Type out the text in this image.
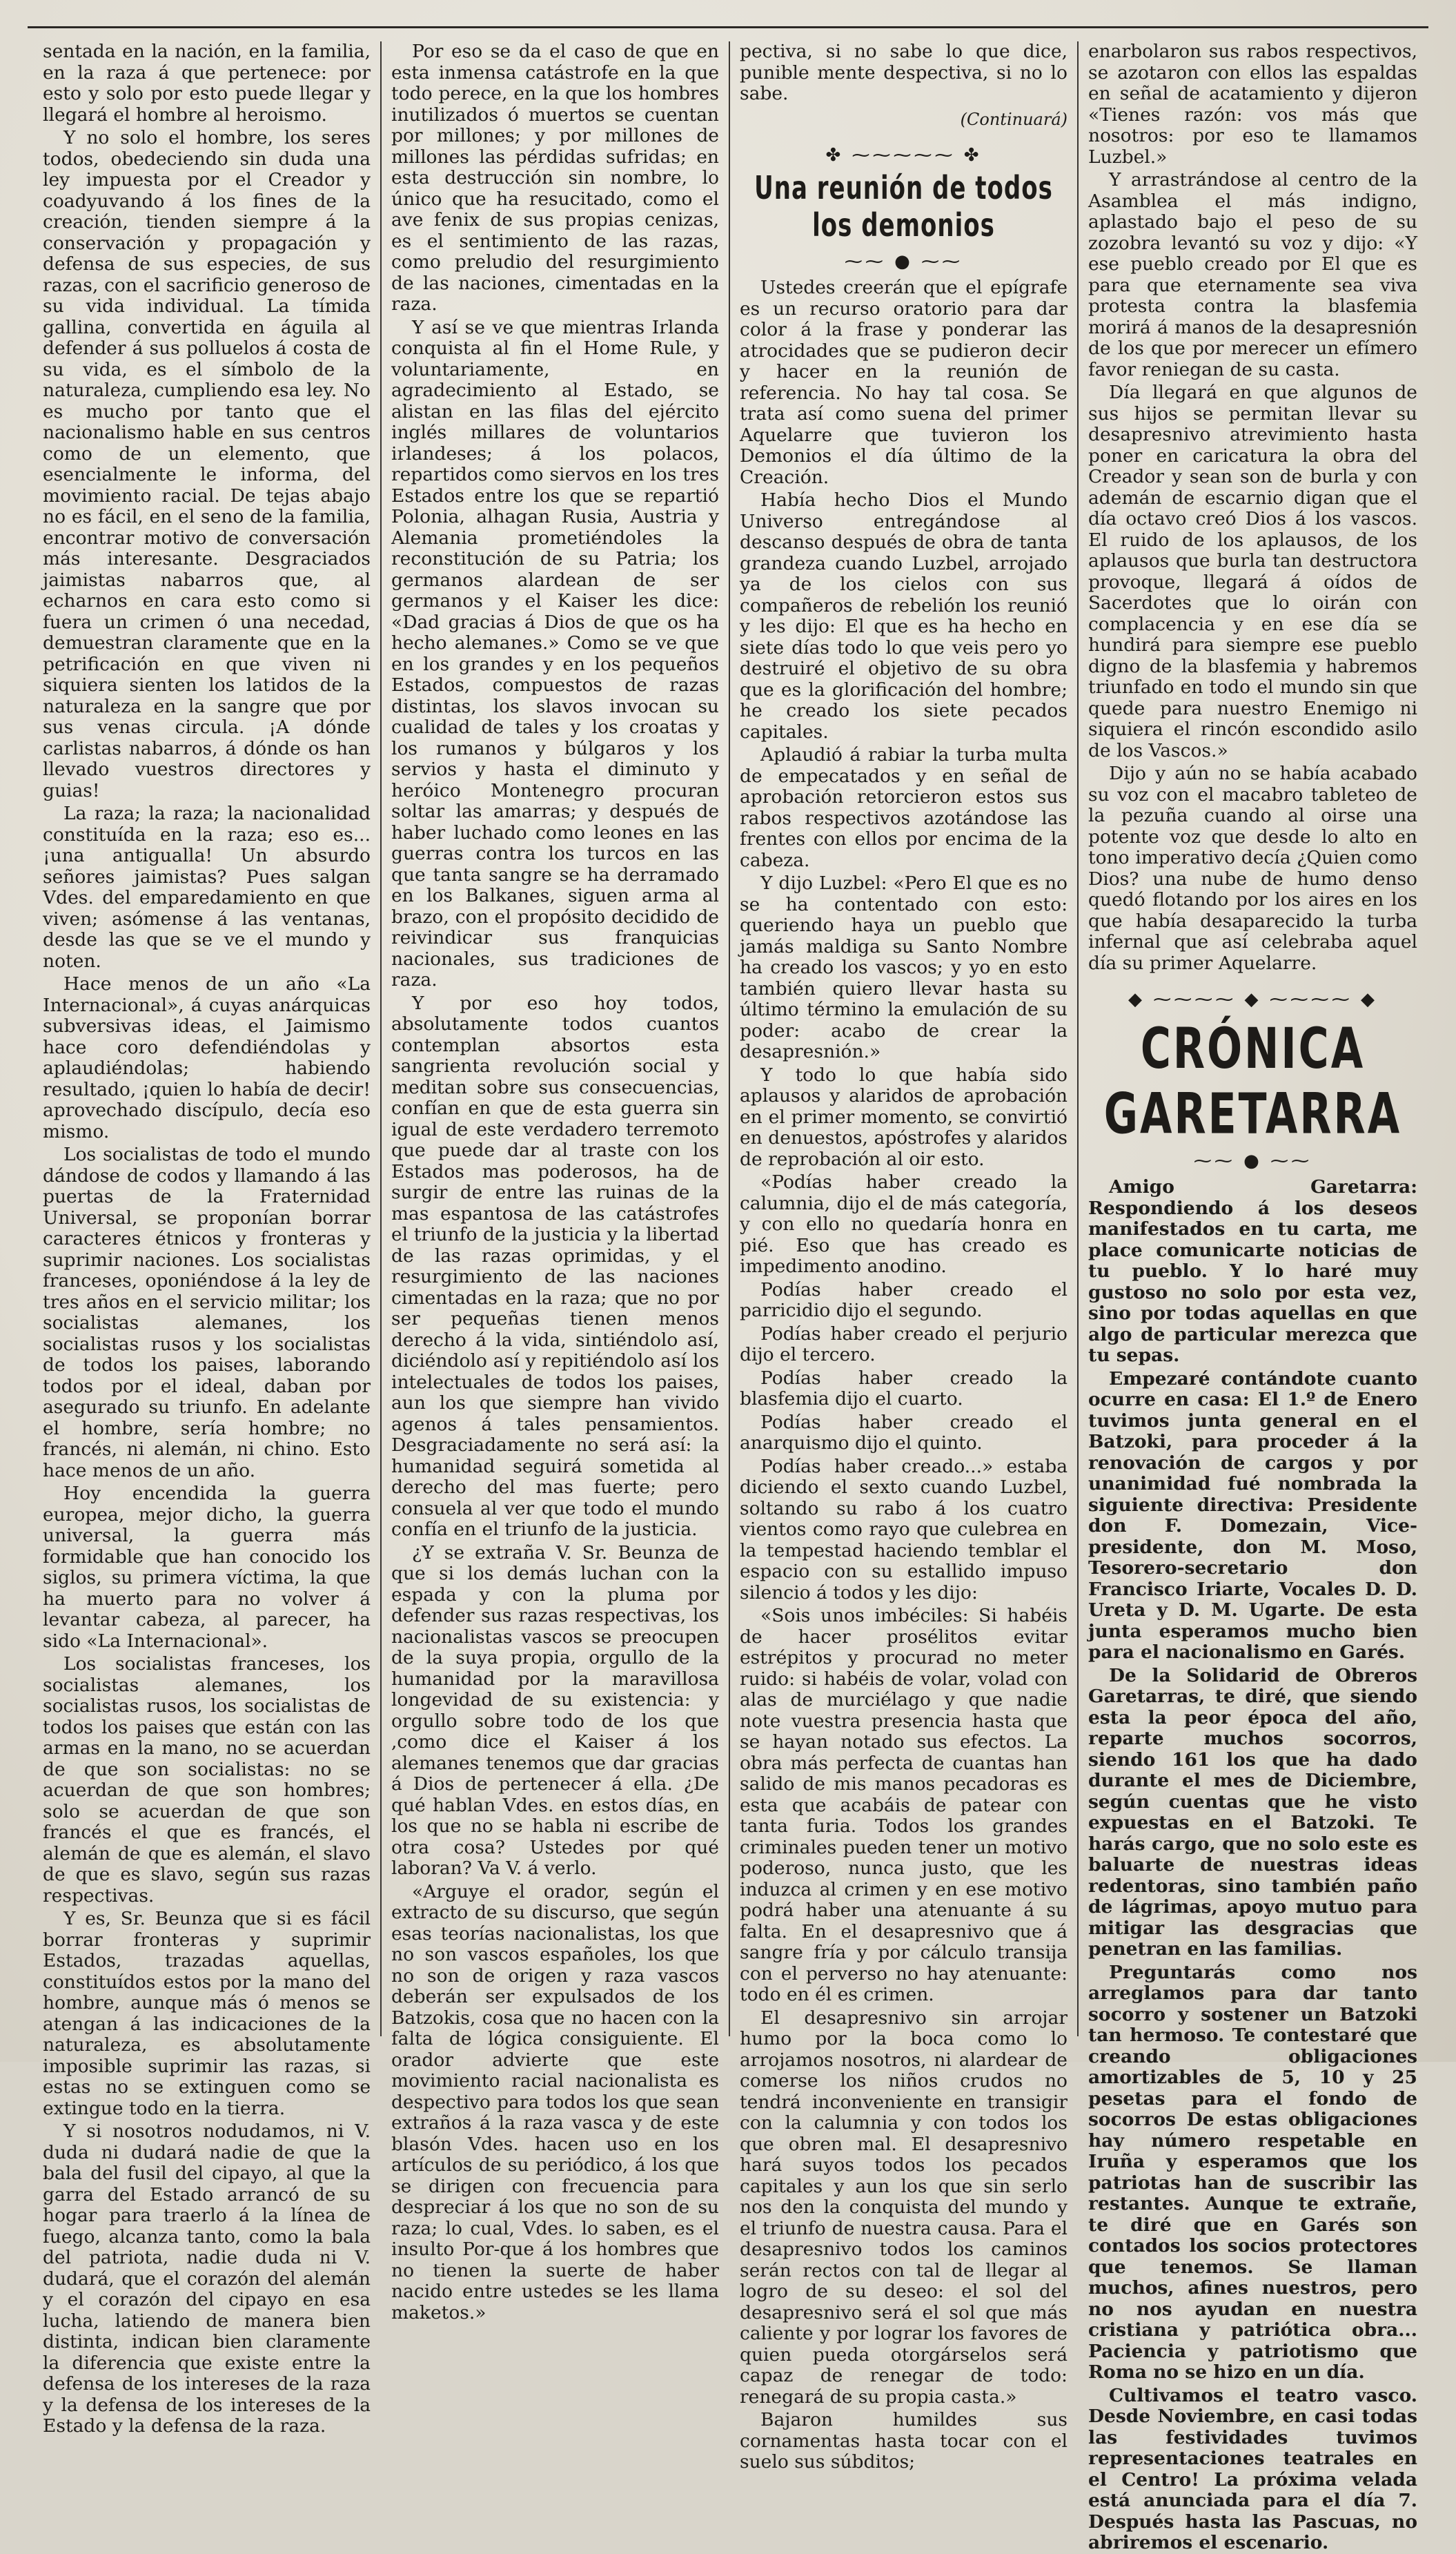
sentada en la nación, en la familia, en la raza á que pertenece: por esto y solo por esto puede llegar y llegará el hombre al heroismo.

Y no solo el hombre, los seres todos, obedeciendo sin duda una ley impuesta por el Creador y coadyuvando á los fines de la creación, tienden siempre á la conservación y propagación y defensa de sus especies, de sus razas, con el sacrificio generoso de su vida individual. La tímida gallina, convertida en águila al defender á sus polluelos á costa de su vida, es el símbolo de la naturaleza, cumpliendo esa ley. No es mucho por tanto que el nacionalismo hable en sus centros como de un elemento, que esencialmente le informa, del movimiento racial. De tejas abajo no es fácil, en el seno de la familia, encontrar motivo de conversación más interesante. Desgraciados jaimistas nabarros que, al echarnos en cara esto como si fuera un crimen ó una necedad, demuestran claramente que en la petrificación en que viven ni siquiera sienten los latidos de la naturaleza en la sangre que por sus venas circula. ¡A dónde carlistas nabarros, á dónde os han llevado vuestros directores y guias!

La raza; la raza; la nacionalidad constituída en la raza; eso es... ¡una antigualla! Un absurdo señores jaimistas? Pues salgan Vdes. del emparedamiento en que viven; asómense á las ventanas, desde las que se ve el mundo y noten.

Hace menos de un año «La Internacional», á cuyas anárquicas subversivas ideas, el Jaimismo hace coro defendiéndolas y aplaudiéndolas; habiendo resultado, ¡quien lo había de decir! aprovechado discípulo, decía eso mismo.

Los socialistas de todo el mundo dándose de codos y llamando á las puertas de la Fraternidad Universal, se proponían borrar caracteres étnicos y fronteras y suprimir naciones. Los socialistas franceses, oponiéndose á la ley de tres años en el servicio militar; los socialistas alemanes, los socialistas rusos y los socialistas de todos los paises, laborando todos por el ideal, daban por asegurado su triunfo. En adelante el hombre, sería hombre; no francés, ni alemán, ni chino. Esto hace menos de un año.

Hoy encendida la guerra europea, mejor dicho, la guerra universal, la guerra más formidable que han conocido los siglos, su primera víctima, la que ha muerto para no volver á levantar cabeza, al parecer, ha sido «La Internacional».

Los socialistas franceses, los socialistas alemanes, los socialistas rusos, los socialistas de todos los paises que están con las armas en la mano, no se acuerdan de que son socialistas: no se acuerdan de que son hombres; solo se acuerdan de que son francés el que es francés, el alemán de que es alemán, el slavo de que es slavo, según sus razas respectivas.

Y es, Sr. Beunza que si es fácil borrar fronteras y suprimir Estados, trazadas aquellas, constituídos estos por la mano del hombre, aunque más ó menos se atengan á las indicaciones de la naturaleza, es absolutamente imposible suprimir las razas, si estas no se extinguen como se extingue todo en la tierra.

Y si nosotros nodudamos, ni V. duda ni dudará nadie de que la bala del fusil del cipayo, al que la garra del Estado arrancó de su hogar para traerlo á la línea de fuego, alcanza tanto, como la bala del patriota, nadie duda ni V. dudará, que el corazón del alemán y el corazón del cipayo en esa lucha, latiendo de manera bien distinta, indican bien claramente la diferencia que existe entre la defensa de los intereses de la raza y la defensa de los intereses de la Estado y la defensa de la raza.

Por eso se da el caso de que en esta inmensa catástrofe en la que todo perece, en la que los hombres inutilizados ó muertos se cuentan por millones; y por millones de millones las pérdidas sufridas; en esta destrucción sin nombre, lo único que ha resucitado, como el ave fenix de sus propias cenizas, es el sentimiento de las razas, como preludio del resurgimiento de las naciones, cimentadas en la raza.

Y así se ve que mientras Irlanda conquista al fin el Home Rule, y voluntariamente, en agradecimiento al Estado, se alistan en las filas del ejército inglés millares de voluntarios irlandeses; á los polacos, repartidos como siervos en los tres Estados entre los que se repartió Polonia, alhagan Rusia, Austria y Alemania prometiéndoles la reconstitución de su Patria; los germanos alardean de ser germanos y el Kaiser les dice: «Dad gracias á Dios de que os ha hecho alemanes.» Como se ve que en los grandes y en los pequeños Estados, compuestos de razas distintas, los slavos invocan su cualidad de tales y los croatas y los rumanos y búlgaros y los servios y hasta el diminuto y heróico Montenegro procuran soltar las amarras; y después de haber luchado como leones en las guerras contra los turcos en las que tanta sangre se ha derramado en los Balkanes, siguen arma al brazo, con el propósito decidido de reivindicar sus franquicias nacionales, sus tradiciones de raza.

Y por eso hoy todos, absolutamente todos cuantos contemplan absortos esta sangrienta revolución social y meditan sobre sus consecuencias, confían en que de esta guerra sin igual de este verdadero terremoto que puede dar al traste con los Estados mas poderosos, ha de surgir de entre las ruinas de la mas espantosa de las catástrofes el triunfo de la justicia y la libertad de las razas oprimidas, y el resurgimiento de las naciones cimentadas en la raza; que no por ser pequeñas tienen menos derecho á la vida, sintiéndolo así, diciéndolo así y repitiéndolo así los intelectuales de todos los paises, aun los que siempre han vivido agenos á tales pensamientos. Desgraciadamente no será así: la humanidad seguirá sometida al derecho del mas fuerte; pero consuela al ver que todo el mundo confía en el triunfo de la justicia.

¿Y se extraña V. Sr. Beunza de que si los demás luchan con la espada y con la pluma por defender sus razas respectivas, los nacionalistas vascos se preocupen de la suya propia, orgullo de la humanidad por la maravillosa longevidad de su existencia: y orgullo sobre todo de los que ,como dice el Kaiser á los alemanes tenemos que dar gracias á Dios de pertenecer á ella. ¿De qué hablan Vdes. en estos días, en los que no se habla ni escribe de otra cosa? Ustedes por qué laboran? Va V. á verlo.

«Arguye el orador, según el extracto de su discurso, que según esas teorías nacionalistas, los que no son vascos españoles, los que no son de origen y raza vascos deberán ser expulsados de los Batzokis, cosa que no hacen con la falta de lógica consiguiente. El orador advierte que este movimiento racial nacionalista es despectivo para todos los que sean extraños á la raza vasca y de este blasón Vdes. hacen uso en los artículos de su periódico, á los que se dirigen con frecuencia para despreciar á los que no son de su raza; lo cual, Vdes. lo saben, es el insulto Por-que á los hombres que no tienen la suerte de haber nacido entre ustedes se les llama maketos.»

pectiva, si no sabe lo que dice, punible mente despectiva, si no lo sabe.

(Continuará)

✤ ⁓⁓⁓⁓⁓ ✤
Una reunión de todos los demonios
⁓⁓ ● ⁓⁓

Ustedes creerán que el epígrafe es un recurso oratorio para dar color á la frase y ponderar las atrocidades que se pudieron decir y hacer en la reunión de referencia. No hay tal cosa. Se trata así como suena del primer Aquelarre que tuvieron los Demonios el día último de la Creación.

Había hecho Dios el Mundo Universo entregándose al descanso después de obra de tanta grandeza cuando Luzbel, arrojado ya de los cielos con sus compañeros de rebelión los reunió y les dijo: El que es ha hecho en siete días todo lo que veis pero yo destruiré el objetivo de su obra que es la glorificación del hombre; he creado los siete pecados capitales.

Aplaudió á rabiar la turba multa de empecatados y en señal de aprobación retorcieron estos sus rabos respectivos azotándose las frentes con ellos por encima de la cabeza.

Y dijo Luzbel: «Pero El que es no se ha contentado con esto: queriendo haya un pueblo que jamás maldiga su Santo Nombre ha creado los vascos; y yo en esto también quiero llevar hasta su último término la emulación de su poder: acabo de crear la desapresnión.»

Y todo lo que había sido aplausos y alaridos de aprobación en el primer momento, se convirtió en denuestos, apóstrofes y alaridos de reprobación al oir esto.

«Podías haber creado la calumnia, dijo el de más categoría, y con ello no quedaría honra en pié. Eso que has creado es impedimento anodino.

Podías haber creado el parricidio dijo el segundo.

Podías haber creado el perjurio dijo el tercero.

Podías haber creado la blasfemia dijo el cuarto.

Podías haber creado el anarquismo dijo el quinto.

Podías haber creado...» estaba diciendo el sexto cuando Luzbel, soltando su rabo á los cuatro vientos como rayo que culebrea en la tempestad haciendo temblar el espacio con su estallido impuso silencio á todos y les dijo:

«Sois unos imbéciles: Si habéis de hacer prosélitos evitar estrépitos y procurad no meter ruido: si habéis de volar, volad con alas de murciélago y que nadie note vuestra presencia hasta que se hayan notado sus efectos. La obra más perfecta de cuantas han salido de mis manos pecadoras es esta que acabáis de patear con tanta furia. Todos los grandes criminales pueden tener un motivo poderoso, nunca justo, que les induzca al crimen y en ese motivo podrá haber una atenuante á su falta. En el desapresnivo que á sangre fría y por cálculo transija con el perverso no hay atenuante: todo en él es crimen.

El desapresnivo sin arrojar humo por la boca como lo arrojamos nosotros, ni alardear de comerse los niños crudos no tendrá inconveniente en transigir con la calumnia y con todos los que obren mal. El desapresnivo hará suyos todos los pecados capitales y aun los que sin serlo nos den la conquista del mundo y el triunfo de nuestra causa. Para el desapresnivo todos los caminos serán rectos con tal de llegar al logro de su deseo: el sol del desapresnivo será el sol que más caliente y por lograr los favores de quien pueda otorgárselos será capaz de renegar de todo: renegará de su propia casta.»

Bajaron humildes sus cornamentas hasta tocar con el suelo sus súbditos;

enarbolaron sus rabos respectivos, se azotaron con ellos las espaldas en señal de acatamiento y dijeron «Tienes razón: vos más que nosotros: por eso te llamamos Luzbel.»

Y arrastrándose al centro de la Asamblea el más indigno, aplastado bajo el peso de su zozobra levantó su voz y dijo: «Y ese pueblo creado por El que es para que eternamente sea viva protesta contra la blasfemia morirá á manos de la desapresnión de los que por merecer un efímero favor reniegan de su casta.

Día llegará en que algunos de sus hijos se permitan llevar su desapresnivo atrevimiento hasta poner en caricatura la obra del Creador y sean son de burla y con ademán de escarnio digan que el día octavo creó Dios á los vascos. El ruido de los aplausos, de los aplausos que burla tan destructora provoque, llegará á oídos de Sacerdotes que lo oirán con complacencia y en ese día se hundirá para siempre ese pueblo digno de la blasfemia y habremos triunfado en todo el mundo sin que quede para nuestro Enemigo ni siquiera el rincón escondido asilo de los Vascos.»

Dijo y aún no se había acabado su voz con el macabro tableteo de la pezuña cuando al oirse una potente voz que desde lo alto en tono imperativo decía ¿Quien como Dios? una nube de humo denso quedó flotando por los aires en los que había desaparecido la turba infernal que así celebraba aquel día su primer Aquelarre.

◆ ⁓⁓⁓⁓ ◆ ⁓⁓⁓⁓ ◆
CRÓNICA GARETARRA
⁓⁓ ● ⁓⁓

Amigo Garetarra: Respondiendo á los deseos manifestados en tu carta, me place comunicarte noticias de tu pueblo. Y lo haré muy gustoso no solo por esta vez, sino por todas aquellas en que algo de particular merezca que tu sepas.

Empezaré contándote cuanto ocurre en casa: El 1.º de Enero tuvimos junta general en el Batzoki, para proceder á la renovación de cargos y por unanimidad fué nombrada la siguiente directiva: Presidente don F. Domezain, Vice-presidente, don M. Moso, Tesorero-secretario don Francisco Iriarte, Vocales D. D. Ureta y D. M. Ugarte. De esta junta esperamos mucho bien para el nacionalismo en Garés.

De la Solidarid de Obreros Garetarras, te diré, que siendo esta la peor época del año, reparte muchos socorros, siendo 161 los que ha dado durante el mes de Diciembre, según cuentas que he visto expuestas en el Batzoki. Te harás cargo, que no solo este es baluarte de nuestras ideas redentoras, sino también paño de lágrimas, apoyo mutuo para mitigar las desgracias que penetran en las familias.

Preguntarás como nos arreglamos para dar tanto socorro y sostener un Batzoki tan hermoso. Te contestaré que creando obligaciones amortizables de 5, 10 y 25 pesetas para el fondo de socorros De estas obligaciones hay número respetable en Iruña y esperamos que los patriotas han de suscribir las restantes. Aunque te extrañe, te diré que en Garés son contados los socios protectores que tenemos. Se llaman muchos, afines nuestros, pero no nos ayudan en nuestra cristiana y patriótica obra... Paciencia y patriotismo que Roma no se hizo en un día.

Cultivamos el teatro vasco. Desde Noviembre, en casi todas las festividades tuvimos representaciones teatrales en el Centro! La próxima velada está anunciada para el día 7. Después hasta las Pascuas, no abriremos el escenario.
